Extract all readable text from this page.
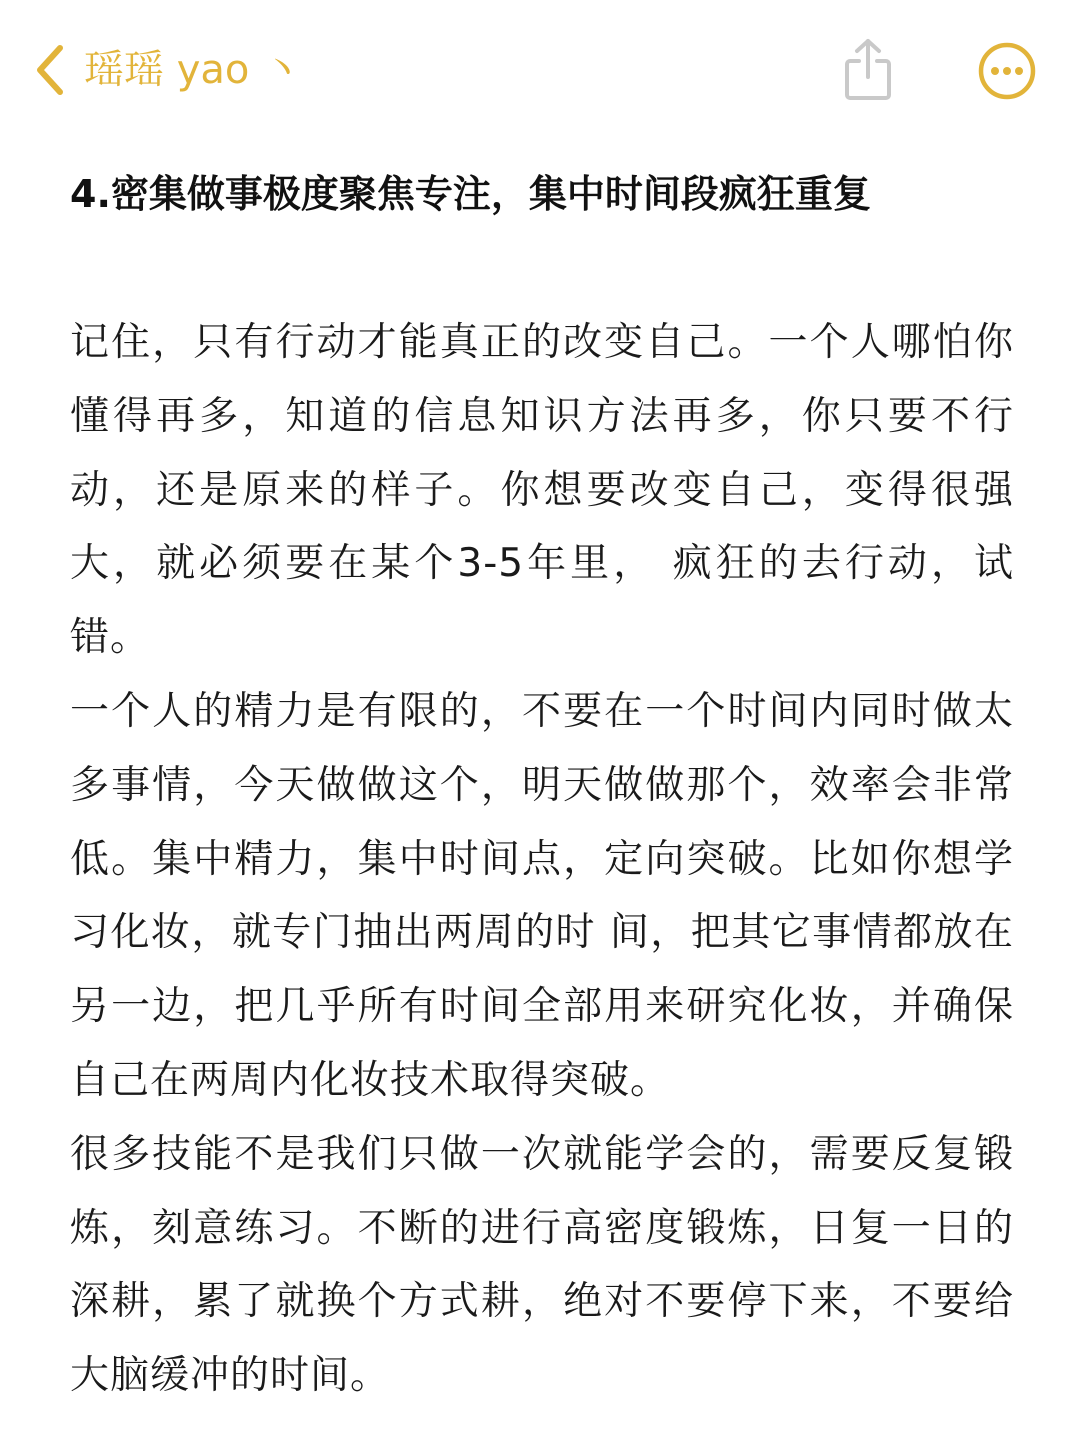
瑶瑶 yao 丶
4.密集做事极度聚焦专注，集中时间段疯狂重复

记住，只有行动才能真正的改变自己。一个人哪怕你懂得再多，知道的信息知识方法再多，你只要不行动，还是原来的样子。你想要改变自己，变得很强大，就必须要在某个3-5年里， 疯狂的去行动，试错。

一个人的精力是有限的，不要在一个时间内同时做太多事情，今天做做这个，明天做做那个，效率会非常低。集中精力，集中时间点，定向突破。比如你想学习化妆，就专门抽出两周的时 间，把其它事情都放在另一边，把几乎所有时间全部用来研究化妆，并确保自己在两周内化妆技术取得突破。

很多技能不是我们只做一次就能学会的，需要反复锻炼，刻意练习。不断的进行高密度锻炼，日复一日的深耕，累了就换个方式耕，绝对不要停下来，不要给大脑缓冲的时间。
